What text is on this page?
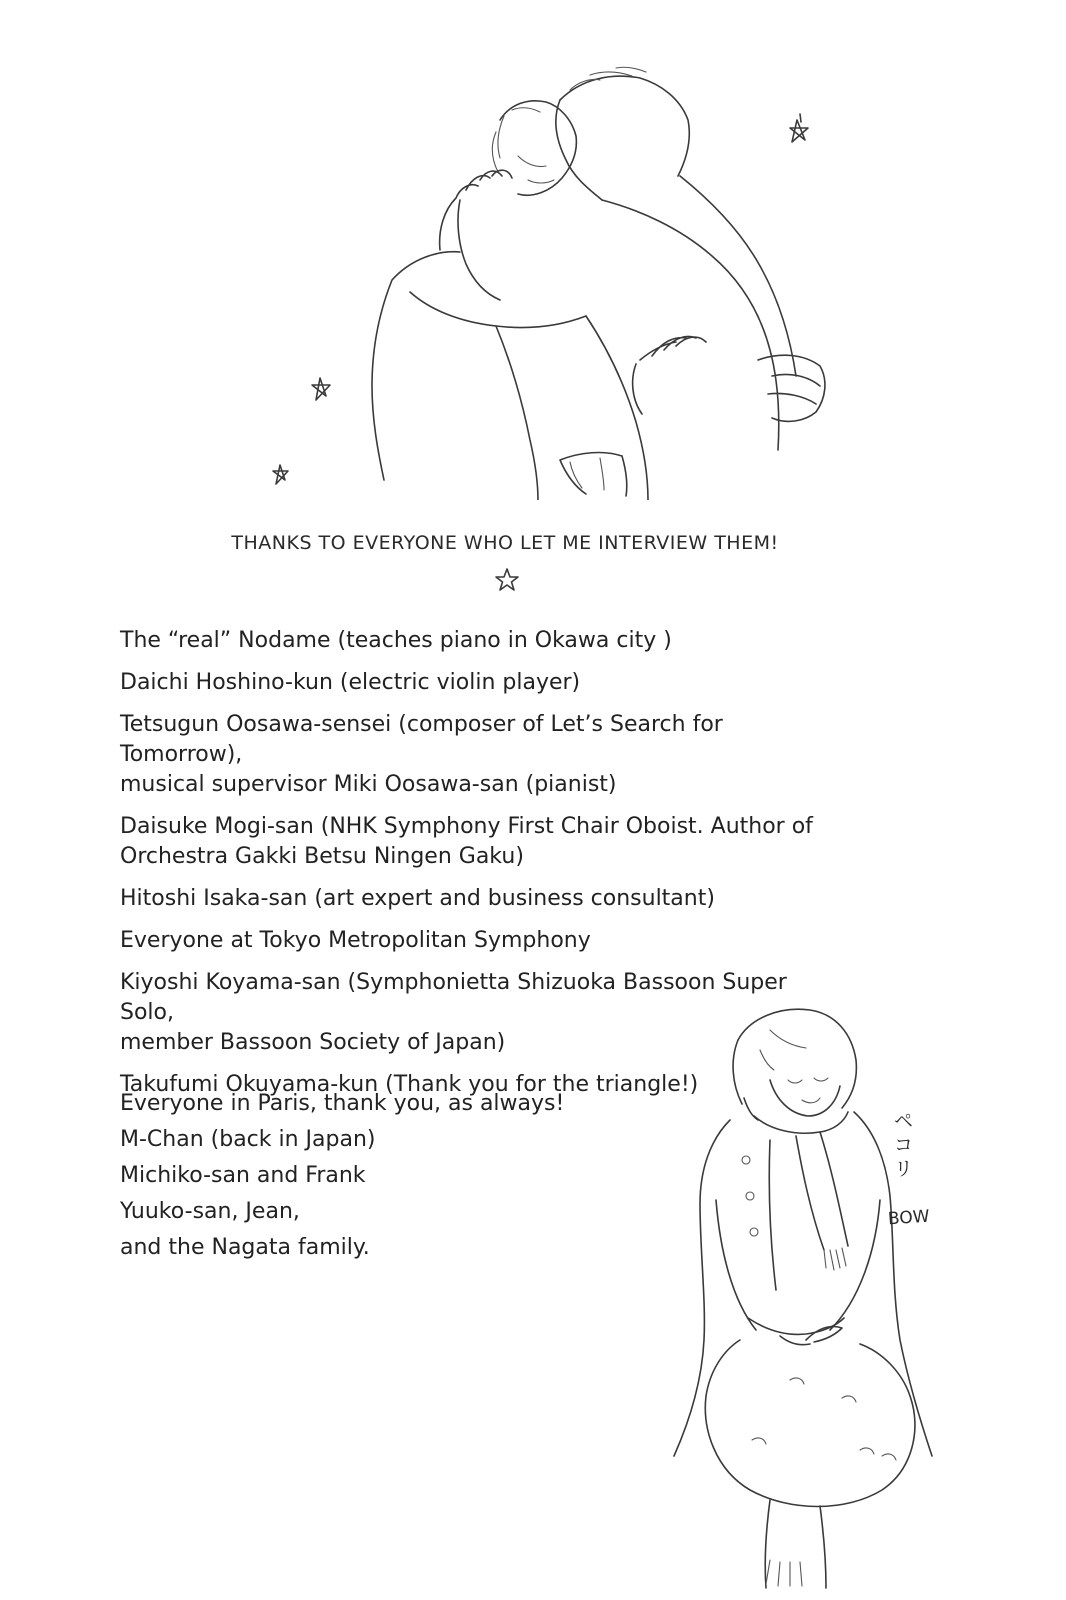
THANKS TO EVERYONE WHO LET ME INTERVIEW THEM!
The “real” Nodame (teaches piano in Okawa city )
Daichi Hoshino-kun (electric violin player)
Tetsugun Oosawa-sensei (composer of Let’s Search for Tomorrow),
musical supervisor Miki Oosawa-san (pianist)
Daisuke Mogi-san (NHK Symphony First Chair Oboist. Author of
Orchestra Gakki Betsu Ningen Gaku)
Hitoshi Isaka-san (art expert and business consultant)
Everyone at Tokyo Metropolitan Symphony
Kiyoshi Koyama-san (Symphonietta Shizuoka Bassoon Super Solo,
member Bassoon Society of Japan)
Takufumi Okuyama-kun (Thank you for the triangle!)
Everyone in Paris, thank you, as always!
M-Chan (back in Japan)
Michiko-san and Frank
Yuuko-san, Jean,
and the Nagata family.
ペコリ
BOW
